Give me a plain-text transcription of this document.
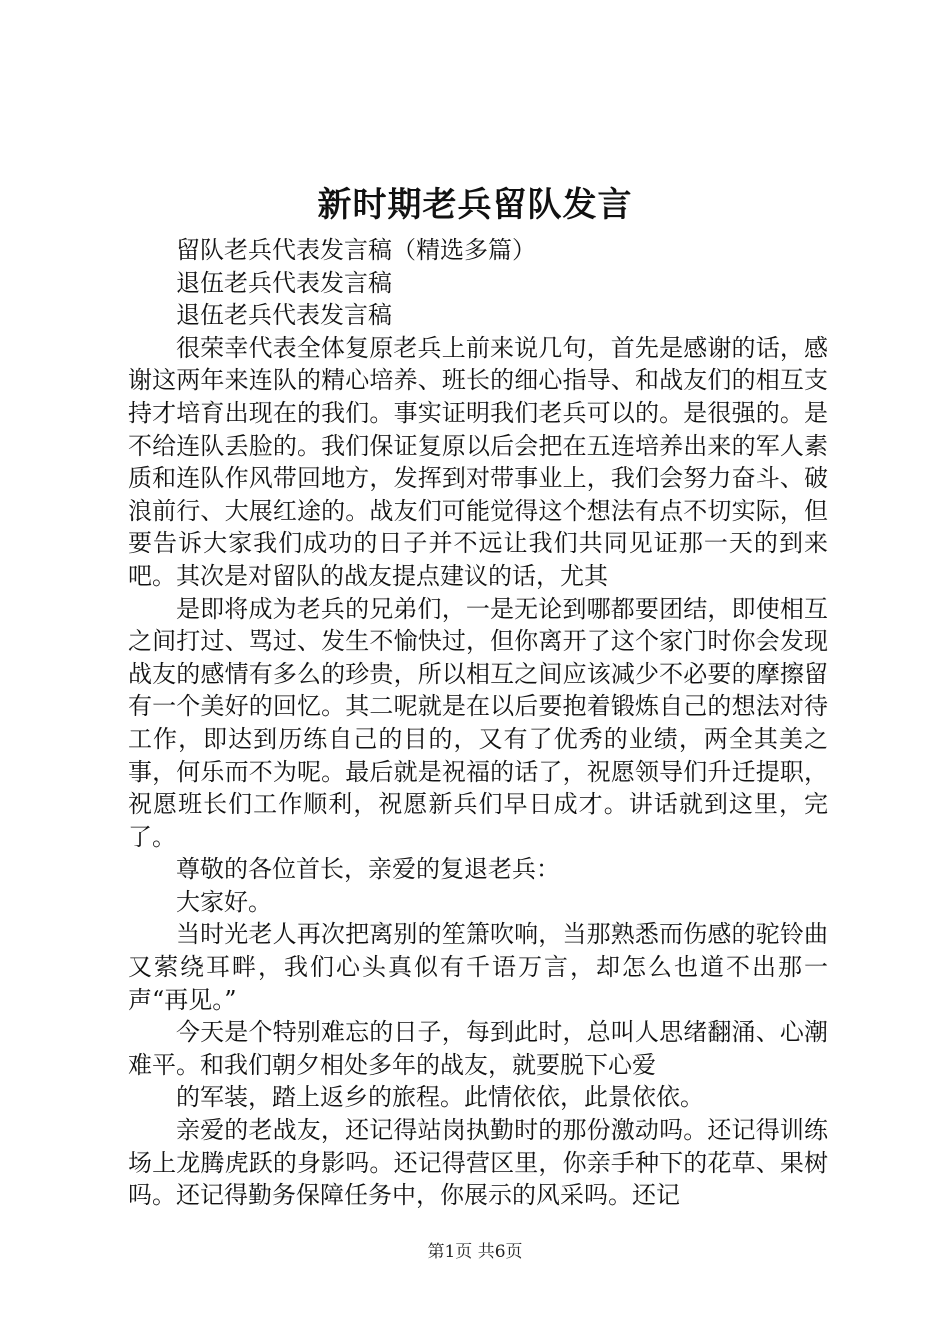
新时期老兵留队发言

留队老兵代表发言稿（精选多篇）

退伍老兵代表发言稿

退伍老兵代表发言稿

很荣幸代表全体复原老兵上前来说几句，首先是感谢的话，感谢这两年来连队的精心培养、班长的细心指导、和战友们的相互支持才培育出现在的我们。事实证明我们老兵可以的。是很强的。是不给连队丢脸的。我们保证复原以后会把在五连培养出来的军人素质和连队作风带回地方，发挥到对带事业上，我们会努力奋斗、破浪前行、大展红途的。战友们可能觉得这个想法有点不切实际，但要告诉大家我们成功的日子并不远让我们共同见证那一天的到来吧。其次是对留队的战友提点建议的话，尤其

是即将成为老兵的兄弟们，一是无论到哪都要团结，即使相互之间打过、骂过、发生不愉快过，但你离开了这个家门时你会发现战友的感情有多么的珍贵，所以相互之间应该减少不必要的摩擦留有一个美好的回忆。其二呢就是在以后要抱着锻炼自己的想法对待工作，即达到历练自己的目的，又有了优秀的业绩，两全其美之事，何乐而不为呢。最后就是祝福的话了，祝愿领导们升迁提职，祝愿班长们工作顺利，祝愿新兵们早日成才。讲话就到这里，完了。

尊敬的各位首长，亲爱的复退老兵：

大家好。

当时光老人再次把离别的笙箫吹响，当那熟悉而伤感的驼铃曲又萦绕耳畔，我们心头真似有千语万言，却怎么也道不出那一声“再见。”

今天是个特别难忘的日子，每到此时，总叫人思绪翻涌、心潮难平。和我们朝夕相处多年的战友，就要脱下心爱

的军装，踏上返乡的旅程。此情依依，此景依依。

亲爱的老战友，还记得站岗执勤时的那份激动吗。还记得训练场上龙腾虎跃的身影吗。还记得营区里，你亲手种下的花草、果树吗。还记得勤务保障任务中，你展示的风采吗。还记

第1页 共6页
